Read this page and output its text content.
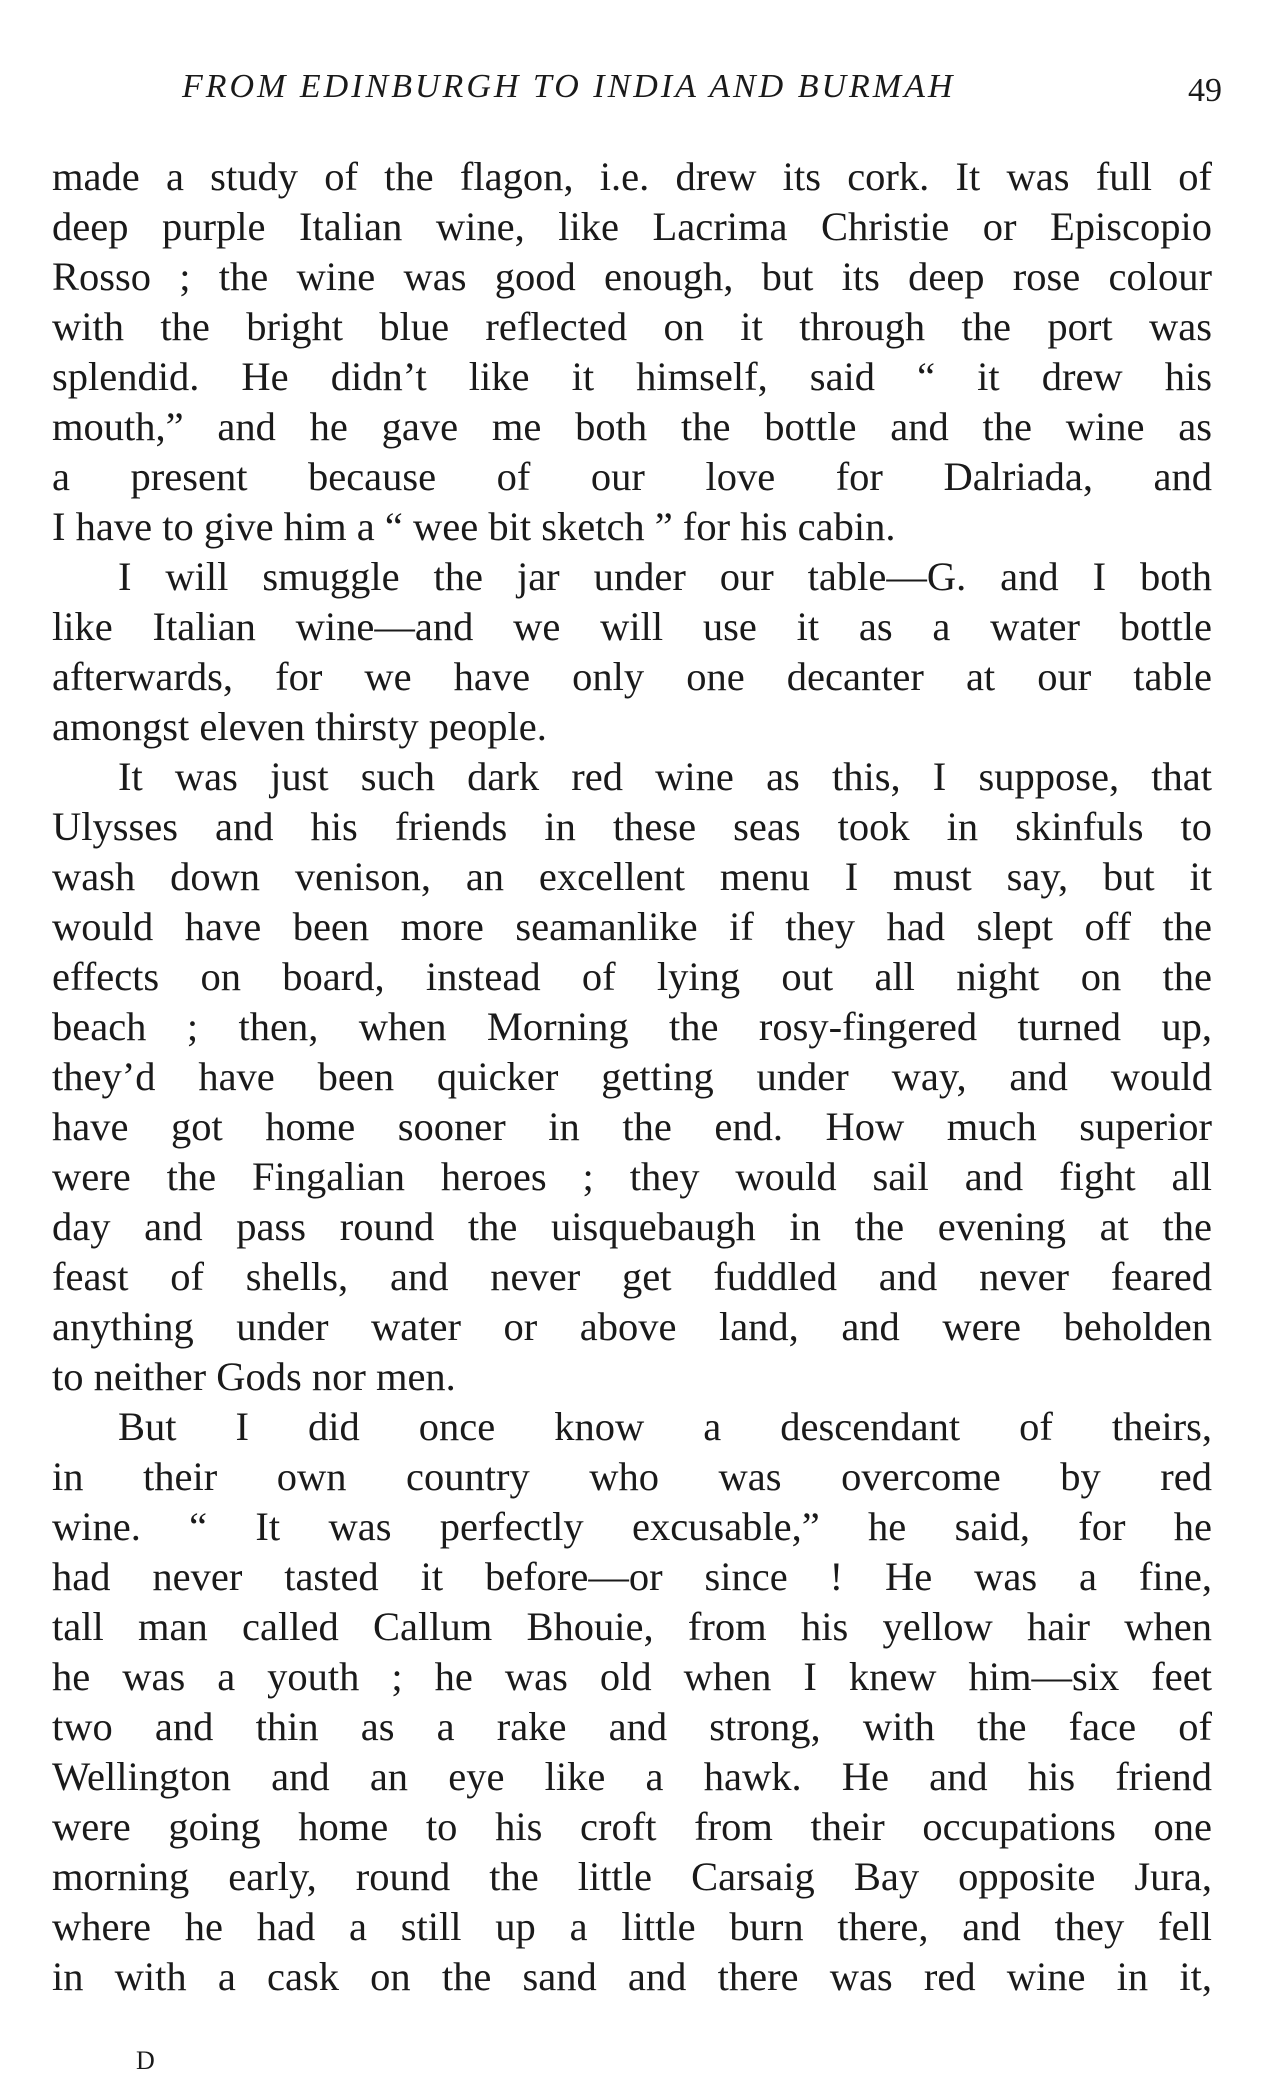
FROM EDINBURGH TO INDIA AND BURMAH	49
made a study of the flagon, i.e. drew its cork. It was full of
deep purple Italian wine, like Lacrima Christie or Episcopio
Rosso ; the wine was good enough, but its deep rose colour
with the bright blue reflected on it through the port was
splendid. He didn’t like it himself, said “ it drew his
mouth,” and he gave me both the bottle and the wine as
a present because of our love for Dalriada, and
I have to give him a “ wee bit sketch ” for his cabin.
I will smuggle the jar under our table—G. and I both
like Italian wine—and we will use it as a water bottle
afterwards, for we have only one decanter at our table
amongst eleven thirsty people.
It was just such dark red wine as this, I suppose, that
Ulysses and his friends in these seas took in skinfuls to
wash down venison, an excellent menu I must say, but it
would have been more seamanlike if they had slept off the
effects on board, instead of lying out all night on the
beach ; then, when Morning the rosy-fingered turned up,
they’d have been quicker getting under way, and would
have got home sooner in the end. How much superior
were the Fingalian heroes ; they would sail and fight all
day and pass round the uisquebaugh in the evening at the
feast of shells, and never get fuddled and never feared
anything under water or above land, and were beholden
to neither Gods nor men.
But I did once know a descendant of theirs,
in their own country who was overcome by red
wine. “ It was perfectly excusable,” he said, for he
had never tasted it before—or since ! He was a fine,
tall man called Callum Bhouie, from his yellow hair when
he was a youth ; he was old when I knew him—six feet
two and thin as a rake and strong, with the face of
Wellington and an eye like a hawk. He and his friend
were going home to his croft from their occupations one
morning early, round the little Carsaig Bay opposite Jura,
where he had a still up a little burn there, and they fell
in with a cask on the sand and there was red wine in it,
D
